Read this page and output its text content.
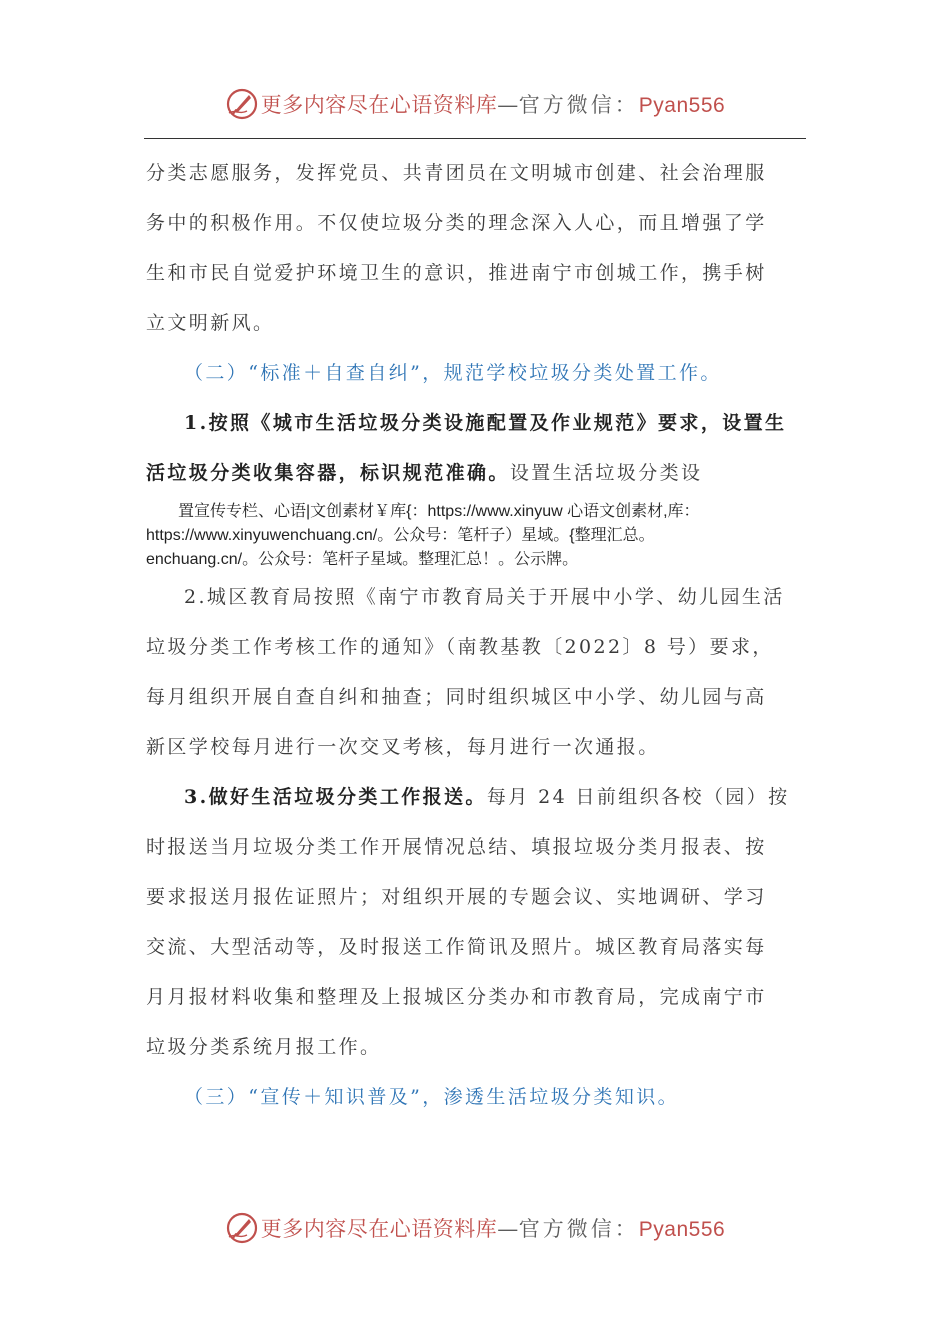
更多内容尽在心语资料库—官方微信：Pyan556
分类志愿服务，发挥党员、共青团员在文明城市创建、社会治理服
务中的积极作用。不仅使垃圾分类的理念深入人心，而且增强了学
生和市民自觉爱护环境卫生的意识，推进南宁市创城工作，携手树
立文明新风。
（二）“标准＋自查自纠”，规范学校垃圾分类处置工作。
1.按照《城市生活垃圾分类设施配置及作业规范》要求，设置生
活垃圾分类收集容器，标识规范准确。设置生活垃圾分类设
置宣传专栏、心语|文创素材￥库{：https://www.xinyuw 心语文创素材,库：
https://www.xinyuwenchuang.cn/。公众号：笔杆子）星域。{整理汇总。
enchuang.cn/。公众号：笔杆子星域。整理汇总！。公示牌。
2.城区教育局按照《南宁市教育局关于开展中小学、幼儿园生活
垃圾分类工作考核工作的通知》（南教基教〔2022〕8 号）要求，
每月组织开展自查自纠和抽查；同时组织城区中小学、幼儿园与高
新区学校每月进行一次交叉考核，每月进行一次通报。
3.做好生活垃圾分类工作报送。每月 24 日前组织各校（园）按
时报送当月垃圾分类工作开展情况总结、填报垃圾分类月报表、按
要求报送月报佐证照片；对组织开展的专题会议、实地调研、学习
交流、大型活动等，及时报送工作简讯及照片。城区教育局落实每
月月报材料收集和整理及上报城区分类办和市教育局，完成南宁市
垃圾分类系统月报工作。
（三）“宣传＋知识普及”，渗透生活垃圾分类知识。
更多内容尽在心语资料库—官方微信：Pyan556
